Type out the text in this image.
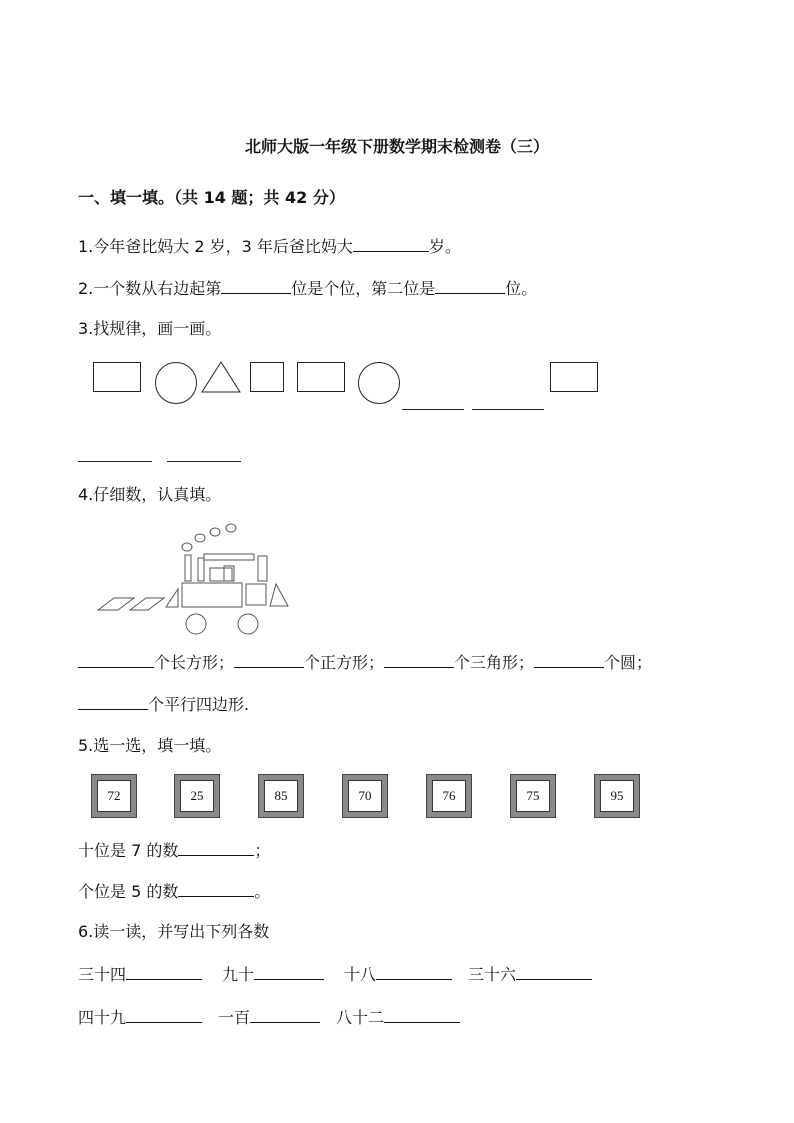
北师大版一年级下册数学期末检测卷（三）
一、填一填。（共 14 题；共 42 分）
1.今年爸比妈大 2 岁，3 年后爸比妈大	岁。
2.一个数从右边起第	位是个位，第二位是	位。
3.找规律，画一画。
4.仔细数，认真填。
个长方形；	个正方形；	个三角形；	个圆；
个平行四边形.
5.选一选，填一填。
72	25	85	70	76	75	95
十位是 7 的数	；
个位是 5 的数	。
6.读一读，并写出下列各数
三十四	九十	十八	三十六
四十九	一百	八十二
